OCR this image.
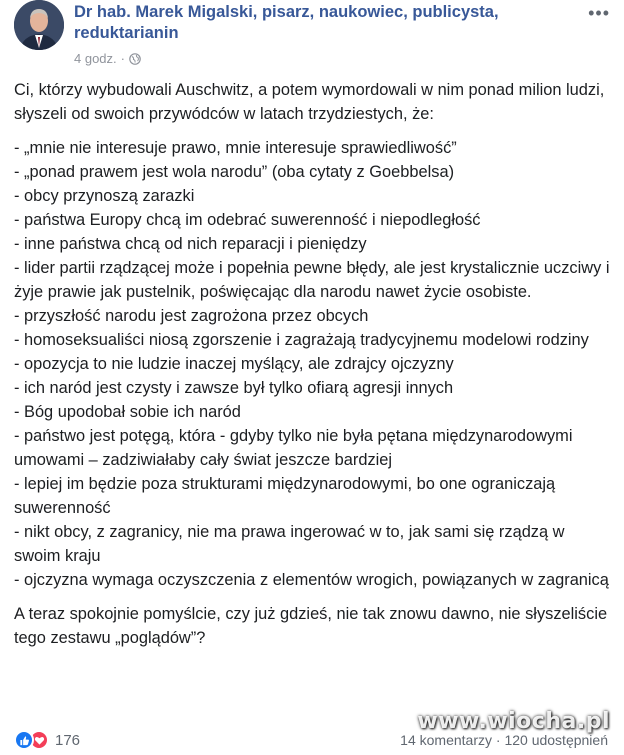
Dr hab. Marek Migalski, pisarz, naukowiec, publicysta, reduktarianin
4 godz. ·
•••

Ci, którzy wybudowali Auschwitz, a potem wymordowali w nim ponad milion ludzi, słyszeli od swoich przywódców w latach trzydziestych, że:

- „mnie nie interesuje prawo, mnie interesuje sprawiedliwość”

- „ponad prawem jest wola narodu” (oba cytaty z Goebbelsa)

- obcy przynoszą zarazki

- państwa Europy chcą im odebrać suwerenność i niepodległość

- inne państwa chcą od nich reparacji i pieniędzy

- lider partii rządzącej może i popełnia pewne błędy, ale jest krystalicznie uczciwy i żyje prawie jak pustelnik, poświęcając dla narodu nawet życie osobiste.

- przyszłość narodu jest zagrożona przez obcych

- homoseksualiści niosą zgorszenie i zagrażają tradycyjnemu modelowi rodziny

- opozycja to nie ludzie inaczej myślący, ale zdrajcy ojczyzny

- ich naród jest czysty i zawsze był tylko ofiarą agresji innych

- Bóg upodobał sobie ich naród

- państwo jest potęgą, która - gdyby tylko nie była pętana międzynarodowymi umowami – zadziwiałaby cały świat jeszcze bardziej

- lepiej im będzie poza strukturami międzynarodowymi, bo one ograniczają suwerenność

- nikt obcy, z zagranicy, nie ma prawa ingerować w to, jak sami się rządzą w swoim kraju

- ojczyzna wymaga oczyszczenia z elementów wrogich, powiązanych w zagranicą

A teraz spokojnie pomyślcie, czy już gdzieś, nie tak znowu dawno, nie słyszeliście tego zestawu „poglądów”?

www.wiocha.pl
176	14 komentarzy · 120 udostępnień
